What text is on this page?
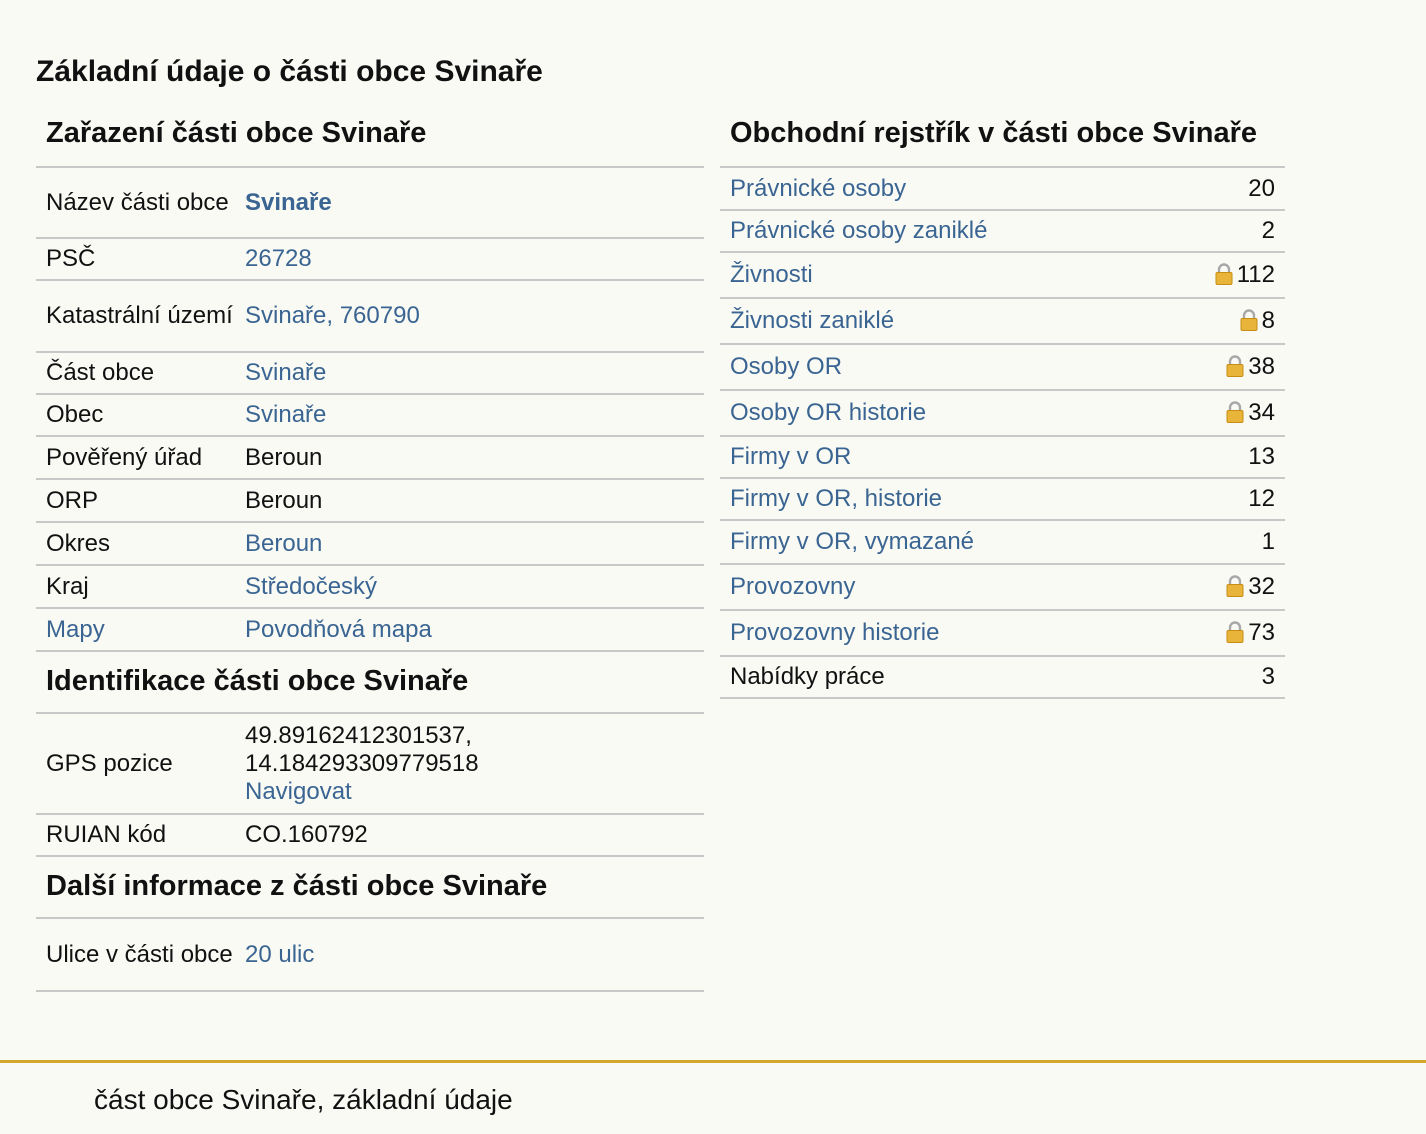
Základní údaje o části obce Svinaře
Zařazení části obce Svinaře
Název části obce	Svinaře
PSČ	26728
Katastrální území	Svinaře, 760790
Část obce	Svinaře
Obec	Svinaře
Pověřený úřad	Beroun
ORP	Beroun
Okres	Beroun
Kraj	Středočeský
Mapy	Povodňová mapa
Identifikace části obce Svinaře
GPS pozice	49.89162412301537,
14.184293309779518
Navigovat
RUIAN kód	CO.160792
Další informace z části obce Svinaře
Ulice v části obce	20 ulic
Obchodní rejstřík v části obce Svinaře
Právnické osoby	20
Právnické osoby zaniklé	2
Živnosti	112
Živnosti zaniklé	8
Osoby OR	38
Osoby OR historie	34
Firmy v OR	13
Firmy v OR, historie	12
Firmy v OR, vymazané	1
Provozovny	32
Provozovny historie	73
Nabídky práce	3

část obce Svinaře, základní údaje
